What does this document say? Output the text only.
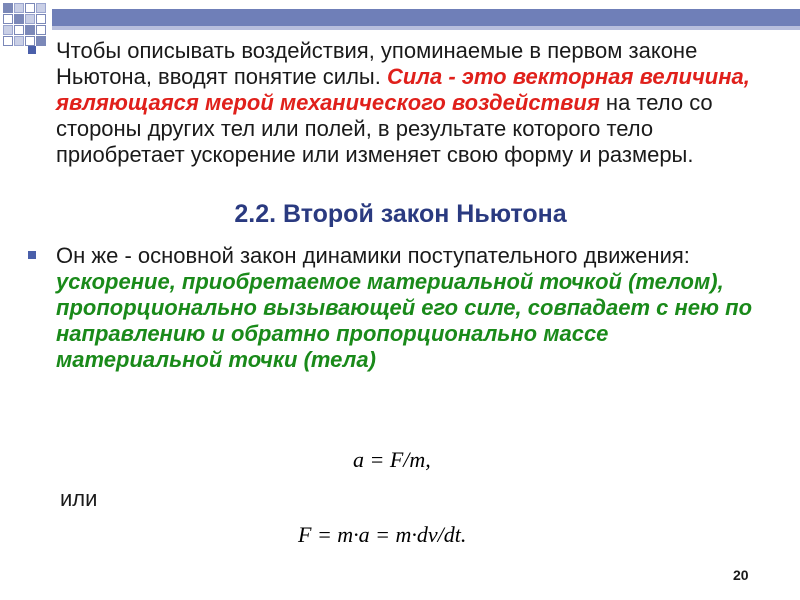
Чтобы описывать воздействия, упоминаемые в первом законе Ньютона, вводят понятие силы. Сила - это векторная величина, являющаяся мерой механического воздействия на тело со стороны других тел или полей, в результате которого тело приобретает ускорение или изменяет свою форму и размеры.
2.2. Второй закон Ньютона
Он же - основной закон динамики поступательного движения: ускорение, приобретаемое материальной точкой (телом), пропорционально вызывающей его силе, совпадает с нею по направлению и обратно пропорционально массе материальной точки (тела)
a = F/m,
или
F = m·a = m·dv/dt.
20
